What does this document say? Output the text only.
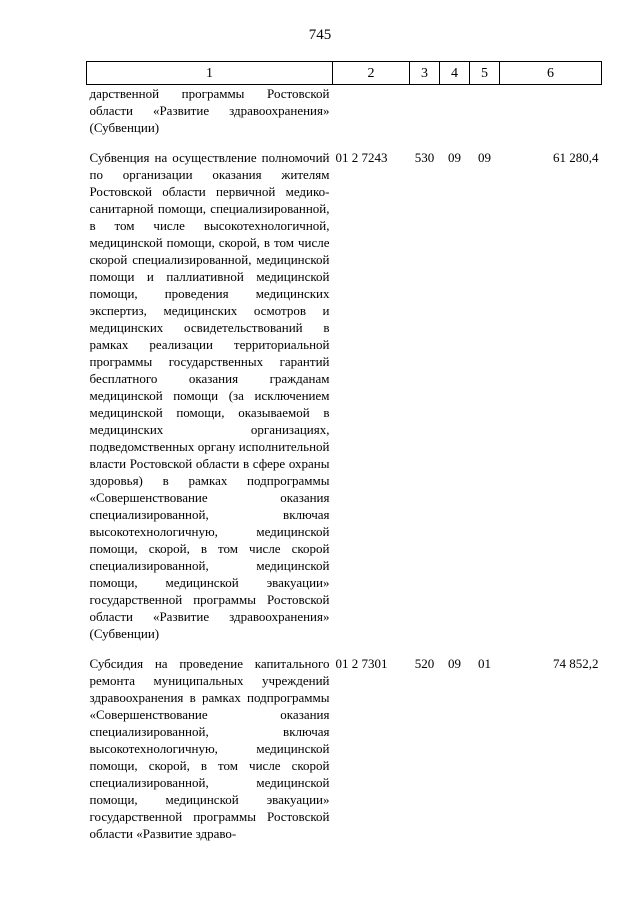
745
1	2	3	4	5	6
дарственной программы Ростовской области «Развитие здравоохранения» (Субвенции)					

Субвенция на осуществление полномочий по организации оказания жителям Ростовской области первичной медико-санитарной помощи, специализированной, в том числе высокотехнологичной, медицинской помощи, скорой, в том числе скорой специализированной, медицинской помощи и паллиативной медицинской помощи, проведения медицинских экспертиз, медицинских осмотров и медицинских освидетельствований в рамках реализации территориальной программы государственных гарантий бесплатного оказания гражданам медицинской помощи (за исключением медицинской помощи, оказываемой в медицинских организациях, подведомственных органу исполнительной власти Ростовской области в сфере охраны здоровья) в рамках подпрограммы «Совершенствование оказания специализированной, включая высокотехнологичную, медицинской помощи, скорой, в том числе скорой специализированной, медицинской помощи, медицинской эвакуации» государственной программы Ростовской области «Развитие здравоохранения» (Субвенции)	01 2 7243	530	09	09	61 280,4

Субсидия на проведение капитального ремонта муниципальных учреждений здравоохранения в рамках подпрограммы «Совершенствование оказания специализированной, включая высокотехнологичную, медицинской помощи, скорой, в том числе скорой специализированной, медицинской помощи, медицинской эвакуации» государственной программы Ростовской области «Развитие здраво-	01 2 7301	520	09	01	74 852,2
